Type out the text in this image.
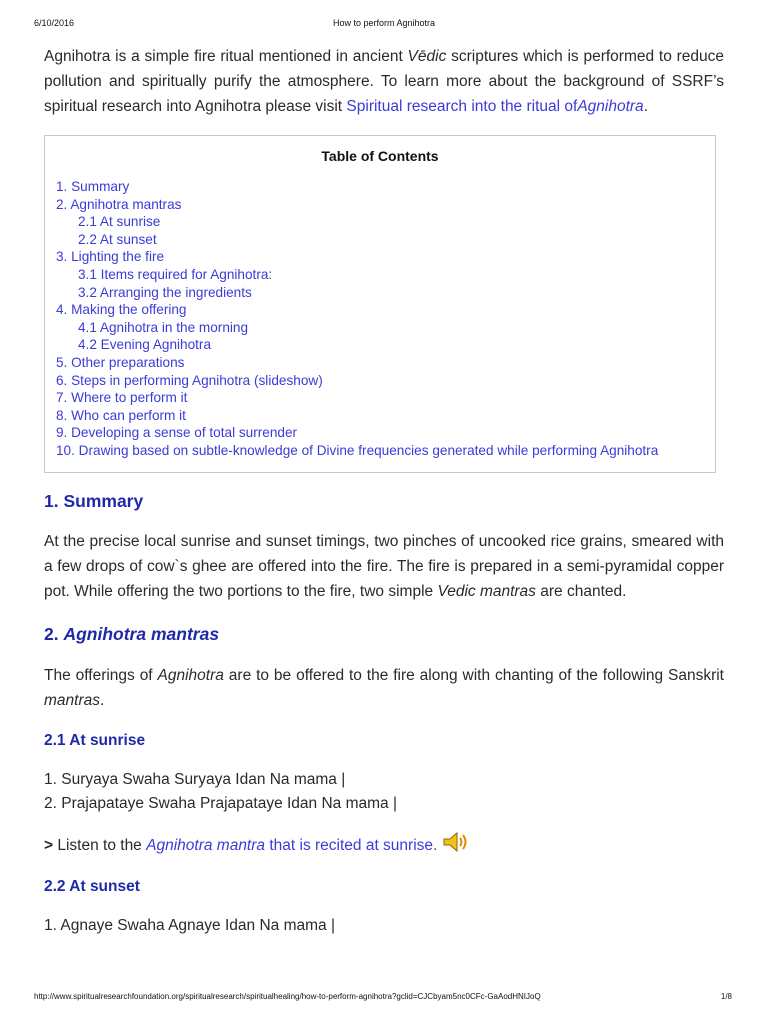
6/10/2016	How to perform Agnihotra

Agnihotra is a simple fire ritual mentioned in ancient Vēdic scriptures which is performed to reduce pollution and spiritually purify the atmosphere. To learn more about the background of SSRF’s spiritual research into Agnihotra please visit Spiritual research into the ritual ofAgnihotra.

Table of Contents
1. Summary
2. Agnihotra mantras
2.1 At sunrise
2.2 At sunset
3. Lighting the fire
3.1 Items required for Agnihotra:
3.2 Arranging the ingredients
4. Making the offering
4.1 Agnihotra in the morning
4.2 Evening Agnihotra
5. Other preparations
6. Steps in performing Agnihotra (slideshow)
7. Where to perform it
8. Who can perform it
9. Developing a sense of total surrender
10. Drawing based on subtle-knowledge of Divine frequencies generated while performing Agnihotra
1. Summary

At the precise local sunrise and sunset timings, two pinches of uncooked rice grains, smeared with a few drops of cow`s ghee are offered into the fire. The fire is prepared in a semi-pyramidal copper pot. While offering the two portions to the fire, two simple Vedic mantras are chanted.

2. Agnihotra mantras

The offerings of Agnihotra are to be offered to the fire along with chanting of the following Sanskrit mantras.

2.1 At sunrise

1. Suryaya Swaha Suryaya Idan Na mama |

2. Prajapataye Swaha Prajapataye Idan Na mama |

> Listen to the Agnihotra mantra that is recited at sunrise.

2.2 At sunset

1. Agnaye Swaha Agnaye Idan Na mama |

http://www.spiritualresearchfoundation.org/spiritualresearch/spiritualhealing/how-to-perform-agnihotra?gclid=CJCbyam5nc0CFc-GaAodHNIJoQ	1/8
